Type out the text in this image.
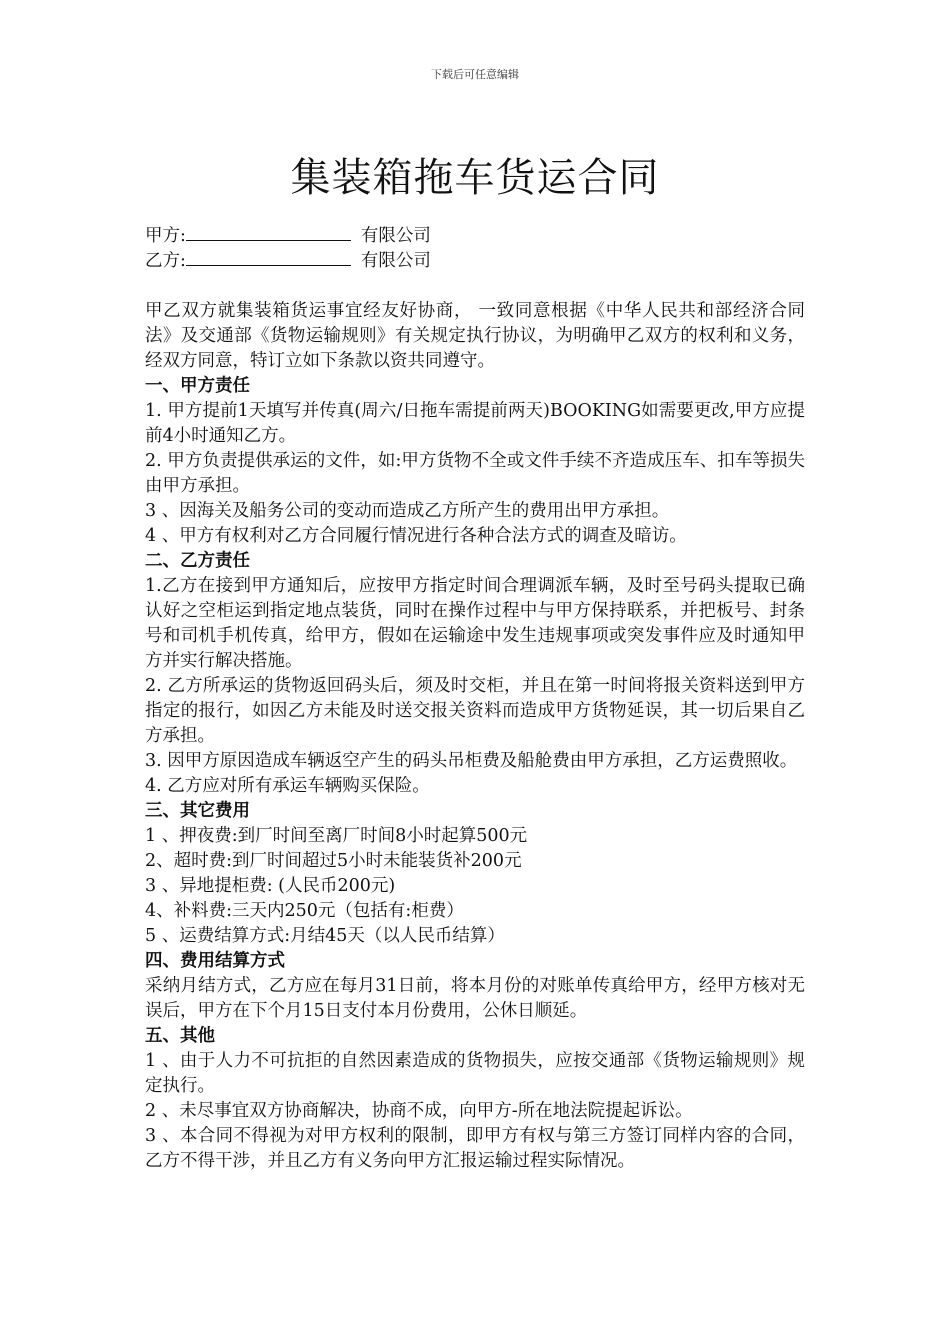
下载后可任意编辑
集装箱拖车货运合同
甲方:	有限公司
乙方:	有限公司

甲乙双方就集装箱货运事宜经友好协商， 一致同意根据《中华人民共和部经济合同法》及交通部《货物运输规则》有关规定执行协议，为明确甲乙双方的权利和义务，经双方同意，特订立如下条款以资共同遵守。

一、甲方责任

1. 甲方提前1天填写并传真(周六/日拖车需提前两天)BOOKING如需要更改,甲方应提前4小时通知乙方。

2. 甲方负责提供承运的文件，如:甲方货物不全或文件手续不齐造成压车、扣车等损失由甲方承担。

3 、因海关及船务公司的变动而造成乙方所产生的费用出甲方承担。

4 、甲方有权利对乙方合同履行情况进行各种合法方式的调查及暗访。

二、乙方责任

1.乙方在接到甲方通知后，应按甲方指定时间合理调派车辆，及时至号码头提取已确认好之空柜运到指定地点装货，同时在操作过程中与甲方保持联系，并把板号、封条号和司机手机传真，给甲方，假如在运输途中发生违规事项或突发事件应及时通知甲方并实行解决搭施。

2. 乙方所承运的货物返回码头后，须及时交柜，并且在第一时间将报关资料送到甲方指定的报行，如因乙方未能及时送交报关资料而造成甲方货物延误，其一切后果自乙方承担。

3. 因甲方原因造成车辆返空产生的码头吊柜费及船舱费由甲方承担，乙方运费照收。

4. 乙方应对所有承运车辆购买保险。

三、其它费用

1 、押夜费:到厂时间至离厂时间8小时起算500元

2、超时费:到厂时间超过5小时未能装货补200元

3 、异地提柜费: (人民币200元)

4、补料费:三天内250元（包括有:柜费）

5 、运费结算方式:月结45天（以人民币结算）

四、费用结算方式

采纳月结方式，乙方应在每月31日前，将本月份的对账单传真给甲方，经甲方核对无误后，甲方在下个月15日支付本月份费用，公休日顺延。

五、其他

1 、由于人力不可抗拒的自然因素造成的货物损失，应按交通部《货物运输规则》规定执行。

2 、未尽事宜双方协商解决，协商不成，向甲方-所在地法院提起诉讼。

3 、本合同不得视为对甲方权利的限制，即甲方有权与第三方签订同样内容的合同，乙方不得干涉，并且乙方有义务向甲方汇报运输过程实际情况。
